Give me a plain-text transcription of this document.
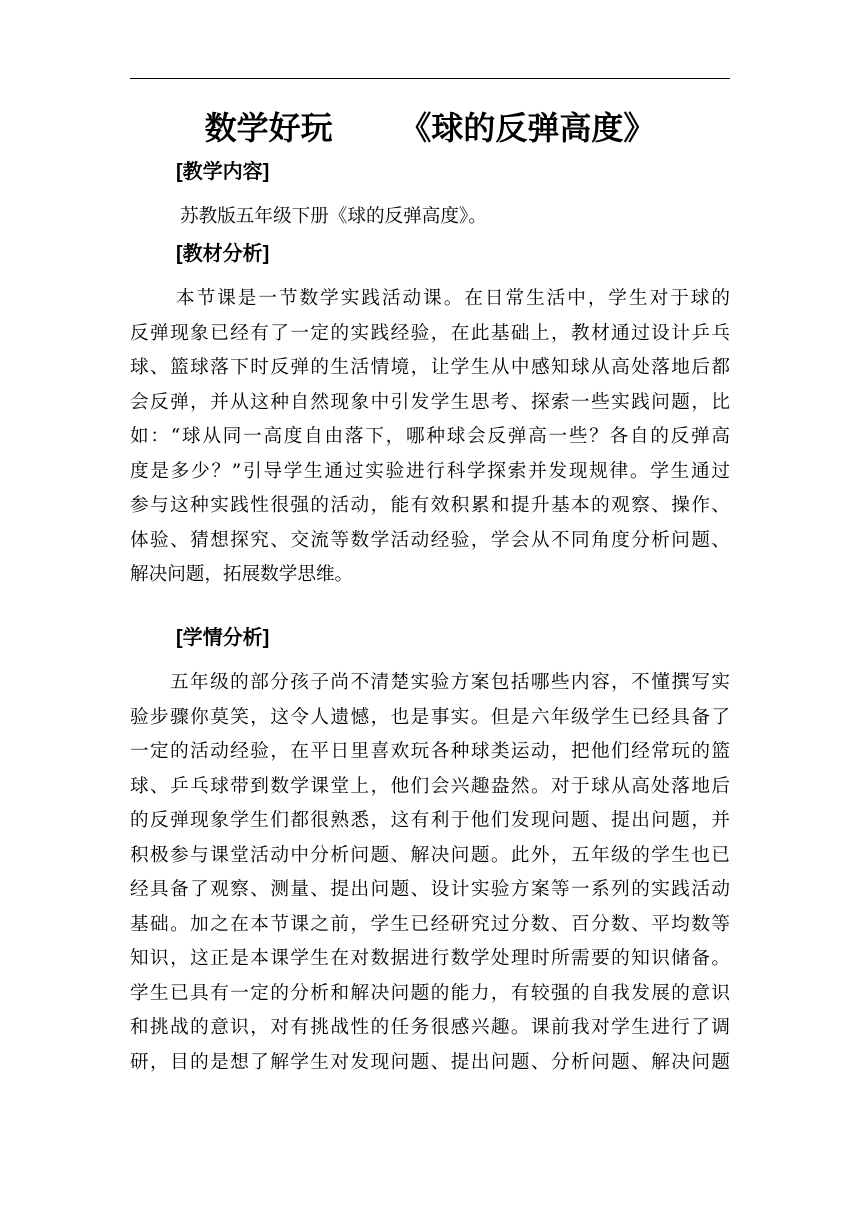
数学好玩      《球的反弹高度》
[教学内容]
苏教版五年级下册《球的反弹高度》。
[教材分析]
本节课是一节数学实践活动课。在日常生活中，学生对于球的
反弹现象已经有了一定的实践经验，在此基础上，教材通过设计乒乓
球、篮球落下时反弹的生活情境，让学生从中感知球从高处落地后都
会反弹，并从这种自然现象中引发学生思考、探索一些实践问题，比
如：“球从同一高度自由落下，哪种球会反弹高一些？各自的反弹高
度是多少？”引导学生通过实验进行科学探索并发现规律。学生通过
参与这种实践性很强的活动，能有效积累和提升基本的观察、操作、
体验、猜想探究、交流等数学活动经验，学会从不同角度分析问题、
解决问题，拓展数学思维。
[学情分析]
五年级的部分孩子尚不清楚实验方案包括哪些内容，不懂撰写实
验步骤你莫笑，这令人遗憾，也是事实。但是六年级学生已经具备了
一定的活动经验，在平日里喜欢玩各种球类运动，把他们经常玩的篮
球、乒乓球带到数学课堂上，他们会兴趣盎然。对于球从高处落地后
的反弹现象学生们都很熟悉，这有利于他们发现问题、提出问题，并
积极参与课堂活动中分析问题、解决问题。此外，五年级的学生也已
经具备了观察、测量、提出问题、设计实验方案等一系列的实践活动
基础。加之在本节课之前，学生已经研究过分数、百分数、平均数等
知识，这正是本课学生在对数据进行数学处理时所需要的知识储备。
学生已具有一定的分析和解决问题的能力，有较强的自我发展的意识
和挑战的意识，对有挑战性的任务很感兴趣。课前我对学生进行了调
研，目的是想了解学生对发现问题、提出问题、分析问题、解决问题
